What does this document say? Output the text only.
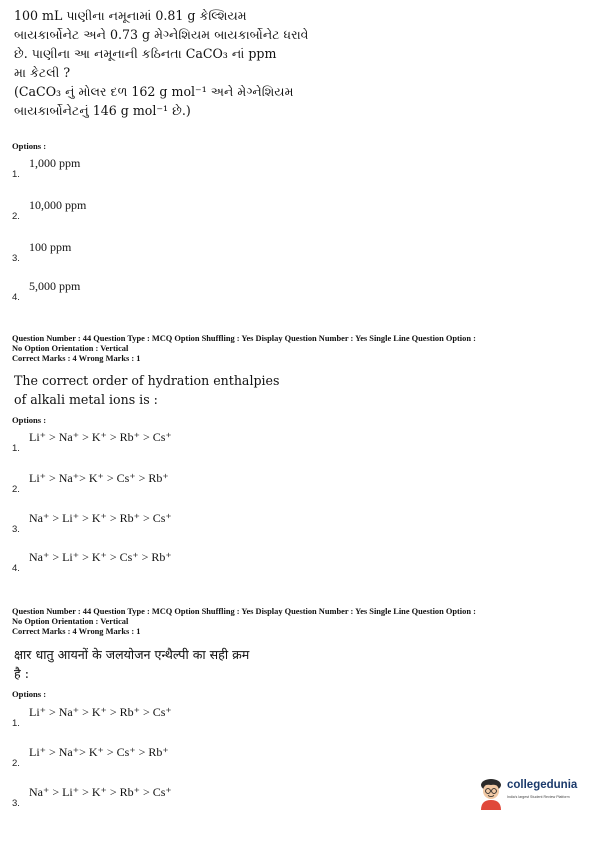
100 mL પાણીના નમૂનામાં 0.81 g કેલ્શિયમ
બાયકાર્બોનેટ અને 0.73 g મેગ્નેશિયમ બાયકાર્બોનેટ ધરાવે
છે. પાણીના આ નમૂનાની કઠિનતા CaCO₃ નાં ppm
મા કેટલી ?
(CaCO₃ નું મોલર દળ 162 g mol⁻¹ અને મેગ્નેશિયમ
બાયકાર્બોનેટનું 146 g mol⁻¹ છે.)
Options :
1.
1,000 ppm
2.
10,000 ppm
3.
100 ppm
4.
5,000 ppm
Question Number : 44 Question Type : MCQ Option Shuffling : Yes Display Question Number : Yes Single Line Question Option :
No Option Orientation : Vertical
Correct Marks : 4 Wrong Marks : 1
The correct order of hydration enthalpies
of alkali metal ions is :
Options :
1.
Li⁺ > Na⁺ > K⁺ > Rb⁺ > Cs⁺
2.
Li⁺ > Na⁺> K⁺ > Cs⁺ > Rb⁺
3.
Na⁺ > Li⁺ > K⁺ > Rb⁺ > Cs⁺
4.
Na⁺ > Li⁺ > K⁺ > Cs⁺ > Rb⁺
Question Number : 44 Question Type : MCQ Option Shuffling : Yes Display Question Number : Yes Single Line Question Option :
No Option Orientation : Vertical
Correct Marks : 4 Wrong Marks : 1
क्षार धातु आयनों के जलयोजन एन्थैल्पी का सही क्रम
है :
Options :
1.
Li⁺ > Na⁺ > K⁺ > Rb⁺ > Cs⁺
2.
Li⁺ > Na⁺> K⁺ > Cs⁺ > Rb⁺
3.
Na⁺ > Li⁺ > K⁺ > Rb⁺ > Cs⁺	collegedunia
India's largest Student Review Platform
